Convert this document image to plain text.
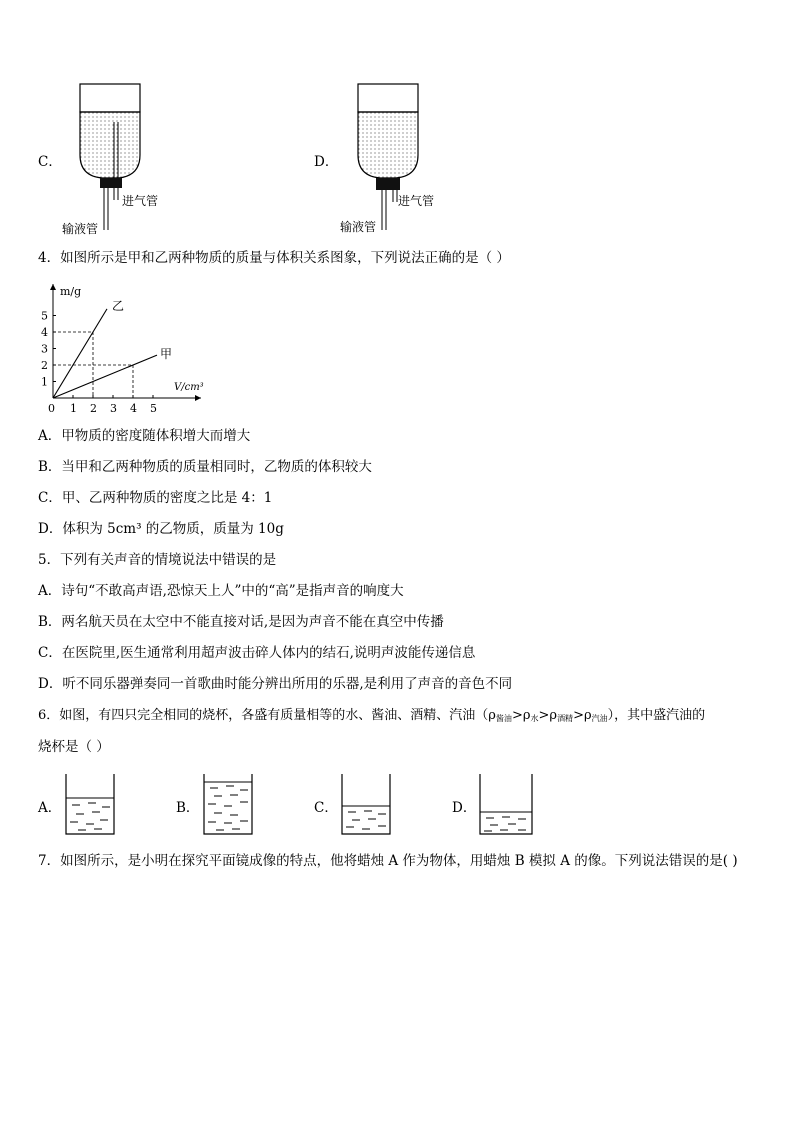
C．
进气管
输液管
D．
进气管
输液管
4．如图所示是甲和乙两种物质的质量与体积关系图象，下列说法正确的是（ ）
1 2 3 4 5
1
2
3
4
5
m/g
V/cm³
0
乙
甲
A．甲物质的密度随体积增大而增大
B．当甲和乙两种物质的质量相同时，乙物质的体积较大
C．甲、乙两种物质的密度之比是 4：1
D．体积为 5cm³ 的乙物质，质量为 10g
5．下列有关声音的情境说法中错误的是
A．诗句“不敢高声语,恐惊天上人”中的“高”是指声音的响度大
B．两名航天员在太空中不能直接对话,是因为声音不能在真空中传播
C．在医院里,医生通常利用超声波击碎人体内的结石,说明声波能传递信息
D．听不同乐器弹奏同一首歌曲时能分辨出所用的乐器,是利用了声音的音色不同
6．如图，有四只完全相同的烧杯，各盛有质量相等的水、酱油、酒精、汽油$(\rho_{酱油}>\rho_水>\rho_{酒精}>\rho_{汽油})$，其中盛汽油的
烧杯是（ ）
A．	B．	C．	D．
7．如图所示，是小明在探究平面镜成像的特点，他将蜡烛 A 作为物体，用蜡烛 B 模拟 A 的像。下列说法错误的是( )
